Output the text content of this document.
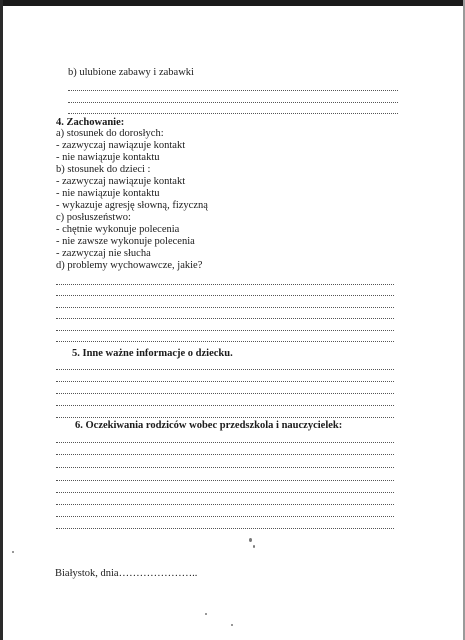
b) ulubione zabawy i zabawki
4. Zachowanie:
a) stosunek do dorosłych:
- zazwyczaj nawiązuje kontakt
- nie nawiązuje kontaktu
b) stosunek do dzieci :
- zazwyczaj nawiązuje kontakt
- nie nawiązuje kontaktu
- wykazuje agresję słowną, fizyczną
c) posłuszeństwo:
- chętnie wykonuje polecenia
- nie zawsze wykonuje polecenia
- zazwyczaj nie słucha
d) problemy wychowawcze, jakie?
5. Inne ważne informacje o dziecku.
6. Oczekiwania rodziców wobec przedszkola i nauczycielek:
Białystok, dnia…………………..
